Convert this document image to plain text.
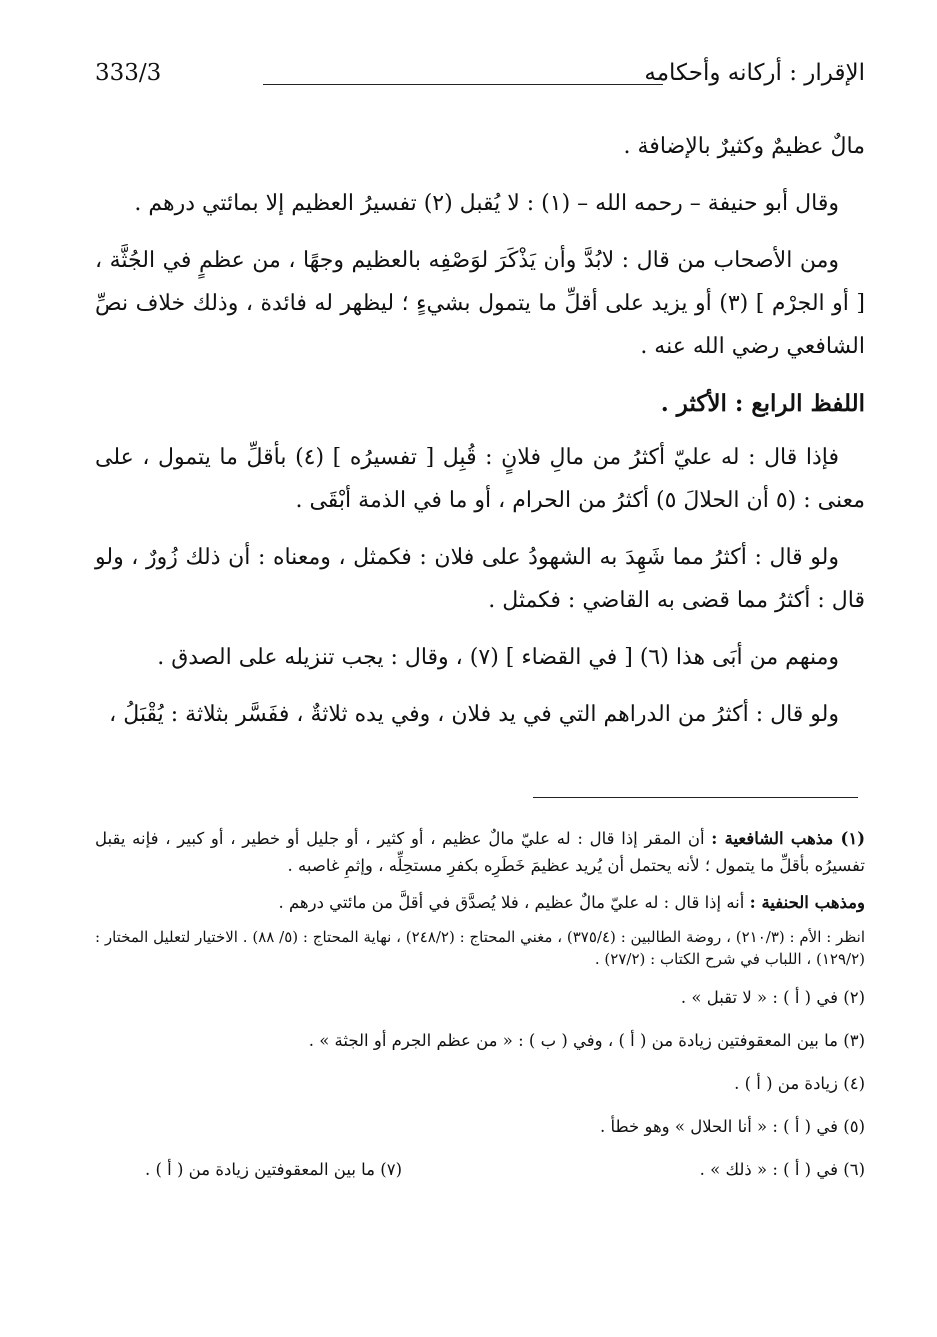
333/3	الإقرار : أركانه وأحكامه

مالٌ عظيمٌ وكثيرٌ بالإضافة .

وقال أبو حنيفة – رحمه الله – (١) : لا يُقبل (٢) تفسيرُ العظيم إلا بمائتي درهم .

ومن الأصحاب من قال : لابُدَّ وأن يَذْكَرَ لوَصْفِه بالعظيم وجهًا ، من عظمٍ في الجُثَّة ، [ أو الجرْم ] (٣) أو يزيد على أقلِّ ما يتمول بشيءٍ ؛ ليظهر له فائدة ، وذلك خلاف نصِّ الشافعي رضي الله عنه .

اللفظ الرابع : الأكثر .

فإذا قال : له عليّ أكثرُ من مالِ فلانٍ : قُبِل [ تفسيرُه ] (٤) بأقلِّ ما يتمول ، على معنى : (٥ أن الحلالَ ٥) أكثرُ من الحرام ، أو ما في الذمة أبْقَى .

ولو قال : أكثرُ مما شَهِدَ به الشهودُ على فلان : فكمثل ، ومعناه : أن ذلك زُورٌ ، ولو قال : أكثرُ مما قضى به القاضي : فكمثل .

ومنهم من أبَى هذا (٦) [ في القضاء ] (٧) ، وقال : يجب تنزيله على الصدق .

ولو قال : أكثرُ من الدراهم التي في يد فلان ، وفي يده ثلاثةٌ ، ففَسَّر بثلاثة : يُقْبَلُ ،

(١) مذهب الشافعية : أن المقر إذا قال : له عليّ مالٌ عظيم ، أو كثير ، أو جليل أو خطير ، أو كبير ، فإنه يقبل تفسيرُه بأقلِّ ما يتمول ؛ لأنه يحتمل أن يُريد عظيمَ خَطَرِه بكفرِ مستحِلِّه ، وإثمِ غاصبه .

ومذهب الحنفية : أنه إذا قال : له عليّ مالٌ عظيم ، فلا يُصدَّق في أقلَّ من مائتي درهم .

انظر : الأم : (٢١٠/٣) ، روضة الطالبين : (٣٧٥/٤) ، مغني المحتاج : (٢٤٨/٢) ، نهاية المحتاج : (٥/ ٨٨) . الاختيار لتعليل المختار : (١٢٩/٢) ، اللباب في شرح الكتاب : (٢٧/٢) .

(٢) في ( أ ) : « لا تقبل » .

(٣) ما بين المعقوفتين زيادة من ( أ ) ، وفي ( ب ) : « من عظم الجرم أو الجثة » .

(٤) زيادة من ( أ ) .

(٥) في ( أ ) : « أنا الحلال » وهو خطأ .

(٦) في ( أ ) : « ذلك » .
(٧) ما بين المعقوفتين زيادة من ( أ ) .
